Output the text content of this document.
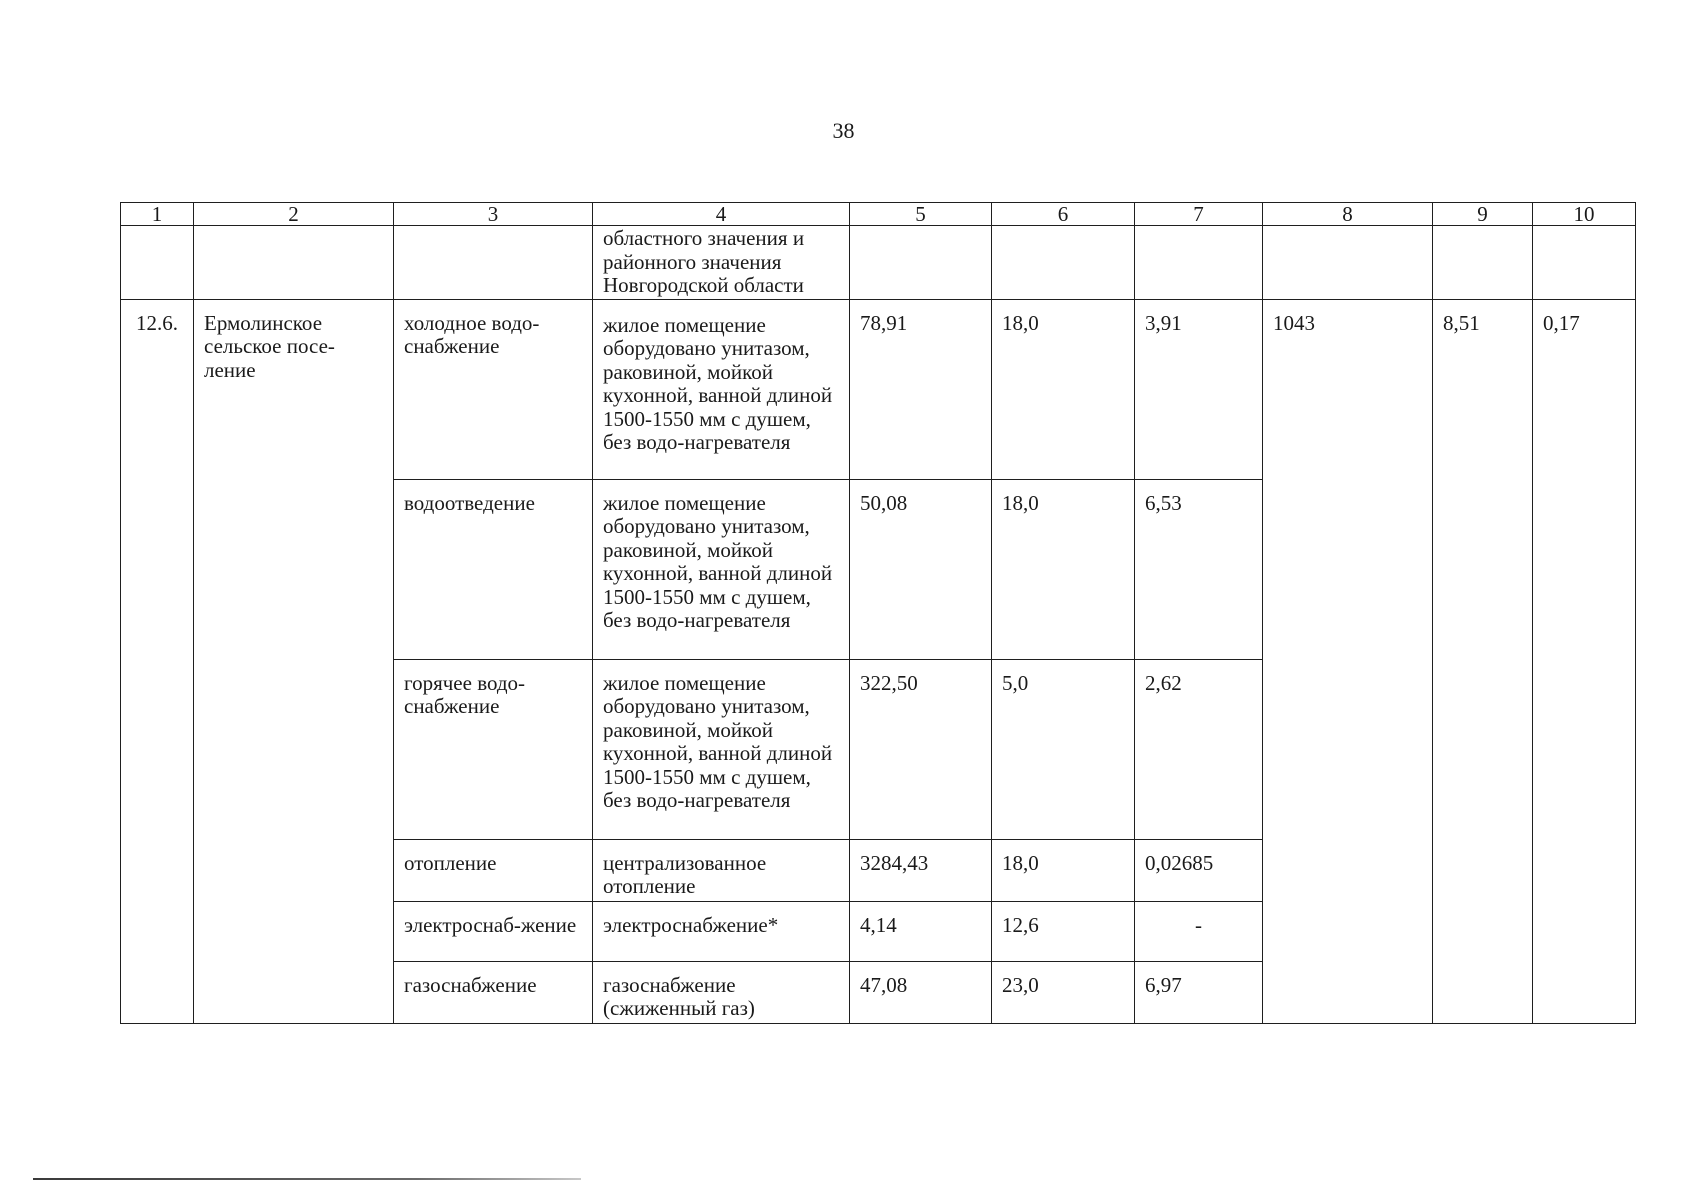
38
1	2	3	4	5	6	7	8	9	10
			областного значения и районного значения Новгородской области						
12.6.	Ермолинское сельское посе-ление	холодное водо-снабжение	жилое помещение оборудовано унитазом, раковиной, мойкой кухонной, ванной длиной 1500-1550 мм с душем, без водо-нагревателя	78,91	18,0	3,91	1043	8,51	0,17
		водоотведение	жилое помещение оборудовано унитазом, раковиной, мойкой кухонной, ванной длиной 1500-1550 мм с душем, без водо-нагревателя	50,08	18,0	6,53			
		горячее водо-снабжение	жилое помещение оборудовано унитазом, раковиной, мойкой кухонной, ванной длиной 1500-1550 мм с душем, без водо-нагревателя	322,50	5,0	2,62			
		отопление	централизованное отопление	3284,43	18,0	0,02685			
		электроснаб-жение	электроснабжение*	4,14	12,6	-			
		газоснабжение	газоснабжение (сжиженный газ)	47,08	23,0	6,97			
